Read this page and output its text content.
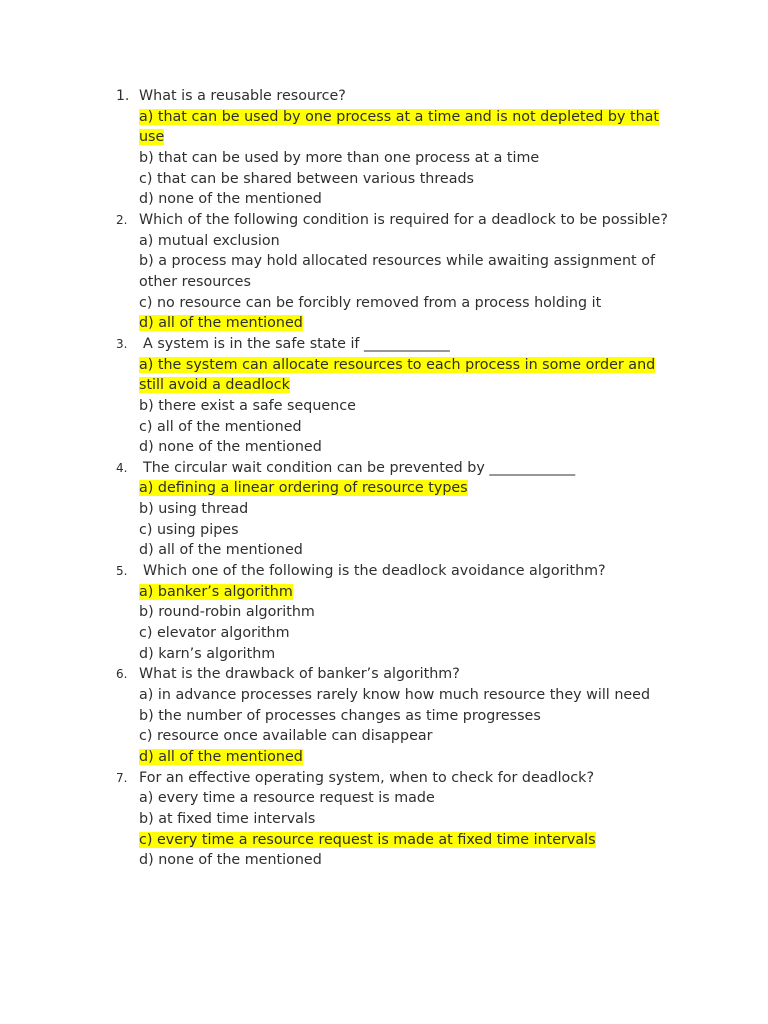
1. What is a reusable resource?
a) that can be used by one process at a time and is not depleted by that use
b) that can be used by more than one process at a time
c) that can be shared between various threads
d) none of the mentioned
2. Which of the following condition is required for a deadlock to be possible?
a) mutual exclusion
b) a process may hold allocated resources while awaiting assignment of other resources
c) no resource can be forcibly removed from a process holding it
d) all of the mentioned
3. A system is in the safe state if ____________
a) the system can allocate resources to each process in some order and still avoid a deadlock
b) there exist a safe sequence
c) all of the mentioned
d) none of the mentioned
4. The circular wait condition can be prevented by ____________
a) defining a linear ordering of resource types
b) using thread
c) using pipes
d) all of the mentioned
5. Which one of the following is the deadlock avoidance algorithm?
a) banker’s algorithm
b) round-robin algorithm
c) elevator algorithm
d) karn’s algorithm
6. What is the drawback of banker’s algorithm?
a) in advance processes rarely know how much resource they will need
b) the number of processes changes as time progresses
c) resource once available can disappear
d) all of the mentioned
7. For an effective operating system, when to check for deadlock?
a) every time a resource request is made
b) at fixed time intervals
c) every time a resource request is made at fixed time intervals
d) none of the mentioned
